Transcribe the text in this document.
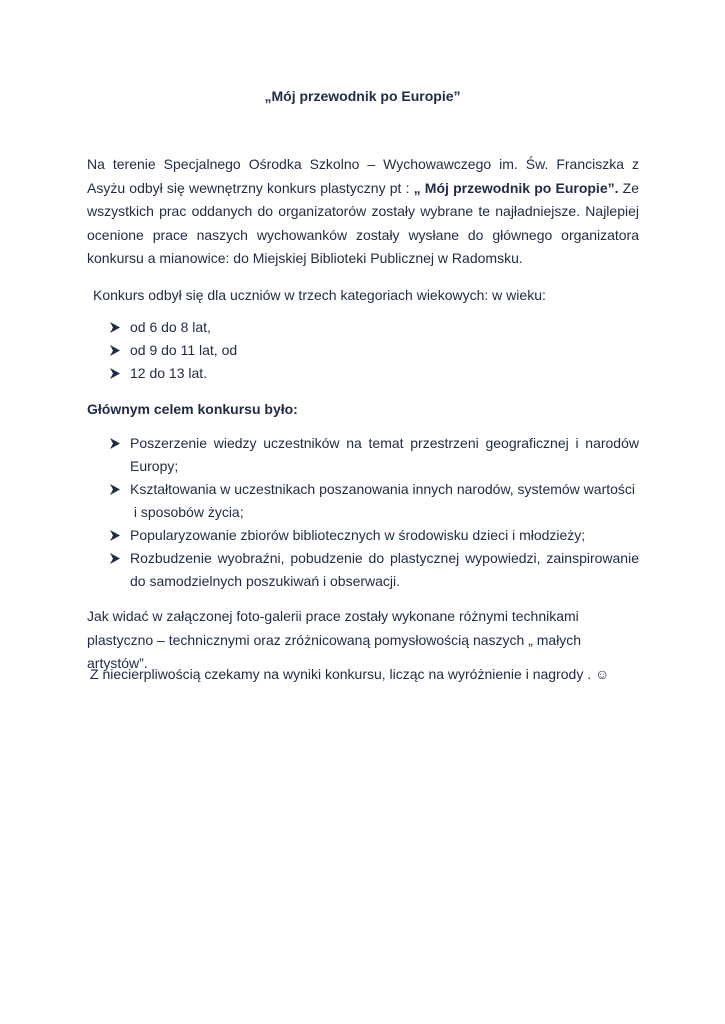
„Mój przewodnik po Europie”
Na terenie Specjalnego Ośrodka Szkolno – Wychowawczego im. Św. Franciszka z Asyżu odbył się wewnętrzny konkurs plastyczny pt : „ Mój przewodnik po Europie”. Ze wszystkich prac oddanych do organizatorów zostały wybrane te najładniejsze. Najlepiej ocenione prace naszych wychowanków zostały wysłane do głównego organizatora konkursu a mianowice: do Miejskiej Biblioteki Publicznej w Radomsku.
Konkurs odbył się dla uczniów w trzech kategoriach wiekowych: w wieku:
od 6 do 8 lat,
od 9 do 11 lat, od
12 do 13 lat.
Głównym celem konkursu było:
Poszerzenie wiedzy uczestników na temat przestrzeni geograficznej i narodów Europy;
Kształtowania w uczestnikach poszanowania innych narodów, systemów wartości
i sposobów życia;
Popularyzowanie zbiorów bibliotecznych w środowisku dzieci i młodzieży;
Rozbudzenie wyobraźni, pobudzenie do plastycznej wypowiedzi, zainspirowanie do samodzielnych poszukiwań i obserwacji.
Jak widać w załączonej foto-galerii prace zostały wykonane różnymi technikami plastyczno – technicznymi oraz zróżnicowaną pomysłowością naszych „ małych artystów”.
Z niecierpliwością czekamy na wyniki konkursu, licząc na wyróżnienie i nagrody . ☺
